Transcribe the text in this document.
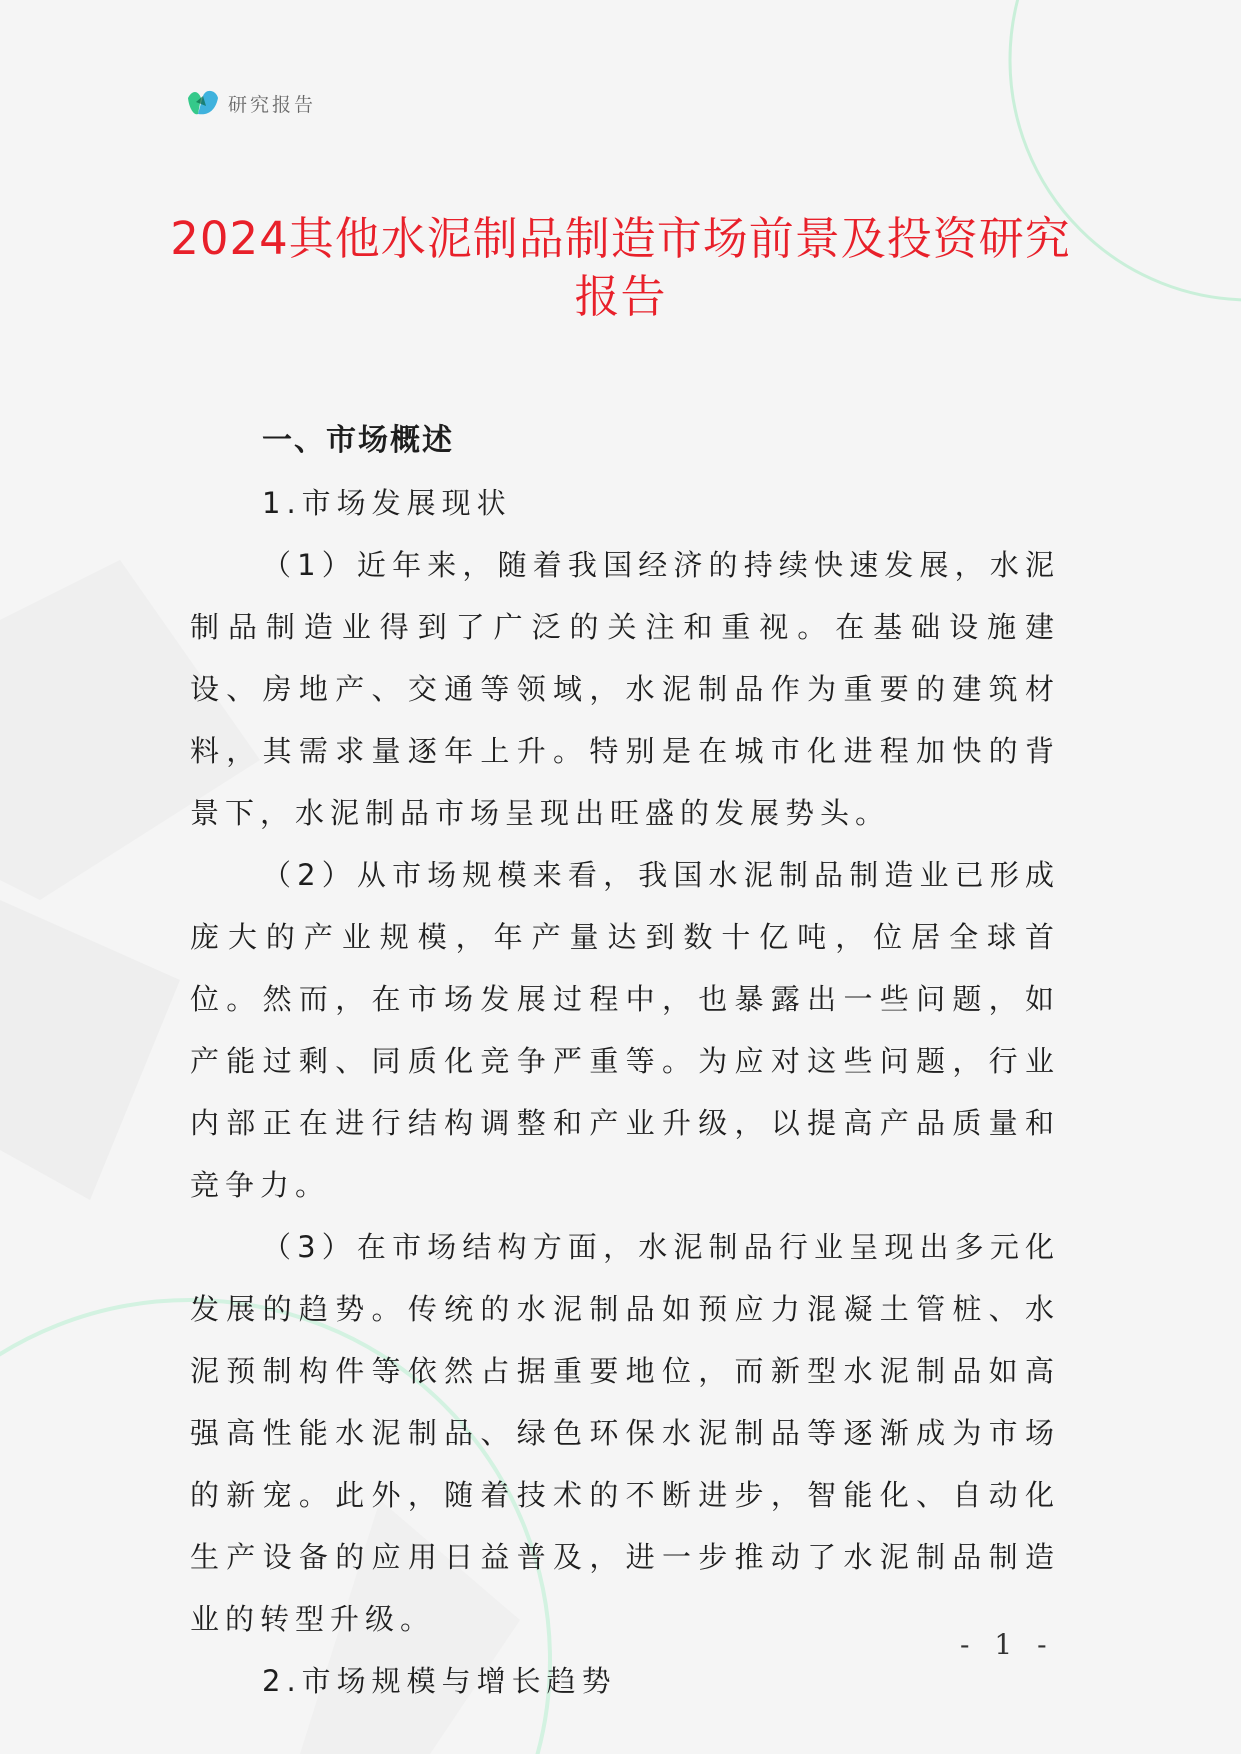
研究报告
2024其他水泥制品制造市场前景及投资研究报告
一、市场概述
1.市场发展现状
（1）近年来，随着我国经济的持续快速发展，水泥制品制造业得到了广泛的关注和重视。在基础设施建设、房地产、交通等领域，水泥制品作为重要的建筑材料，其需求量逐年上升。特别是在城市化进程加快的背景下，水泥制品市场呈现出旺盛的发展势头。
（2）从市场规模来看，我国水泥制品制造业已形成庞大的产业规模，年产量达到数十亿吨，位居全球首位。然而，在市场发展过程中，也暴露出一些问题，如产能过剩、同质化竞争严重等。为应对这些问题，行业内部正在进行结构调整和产业升级，以提高产品质量和竞争力。
（3）在市场结构方面，水泥制品行业呈现出多元化发展的趋势。传统的水泥制品如预应力混凝土管桩、水泥预制构件等依然占据重要地位，而新型水泥制品如高强高性能水泥制品、绿色环保水泥制品等逐渐成为市场的新宠。此外，随着技术的不断进步，智能化、自动化生产设备的应用日益普及，进一步推动了水泥制品制造业的转型升级。
2.市场规模与增长趋势
- 1 -
